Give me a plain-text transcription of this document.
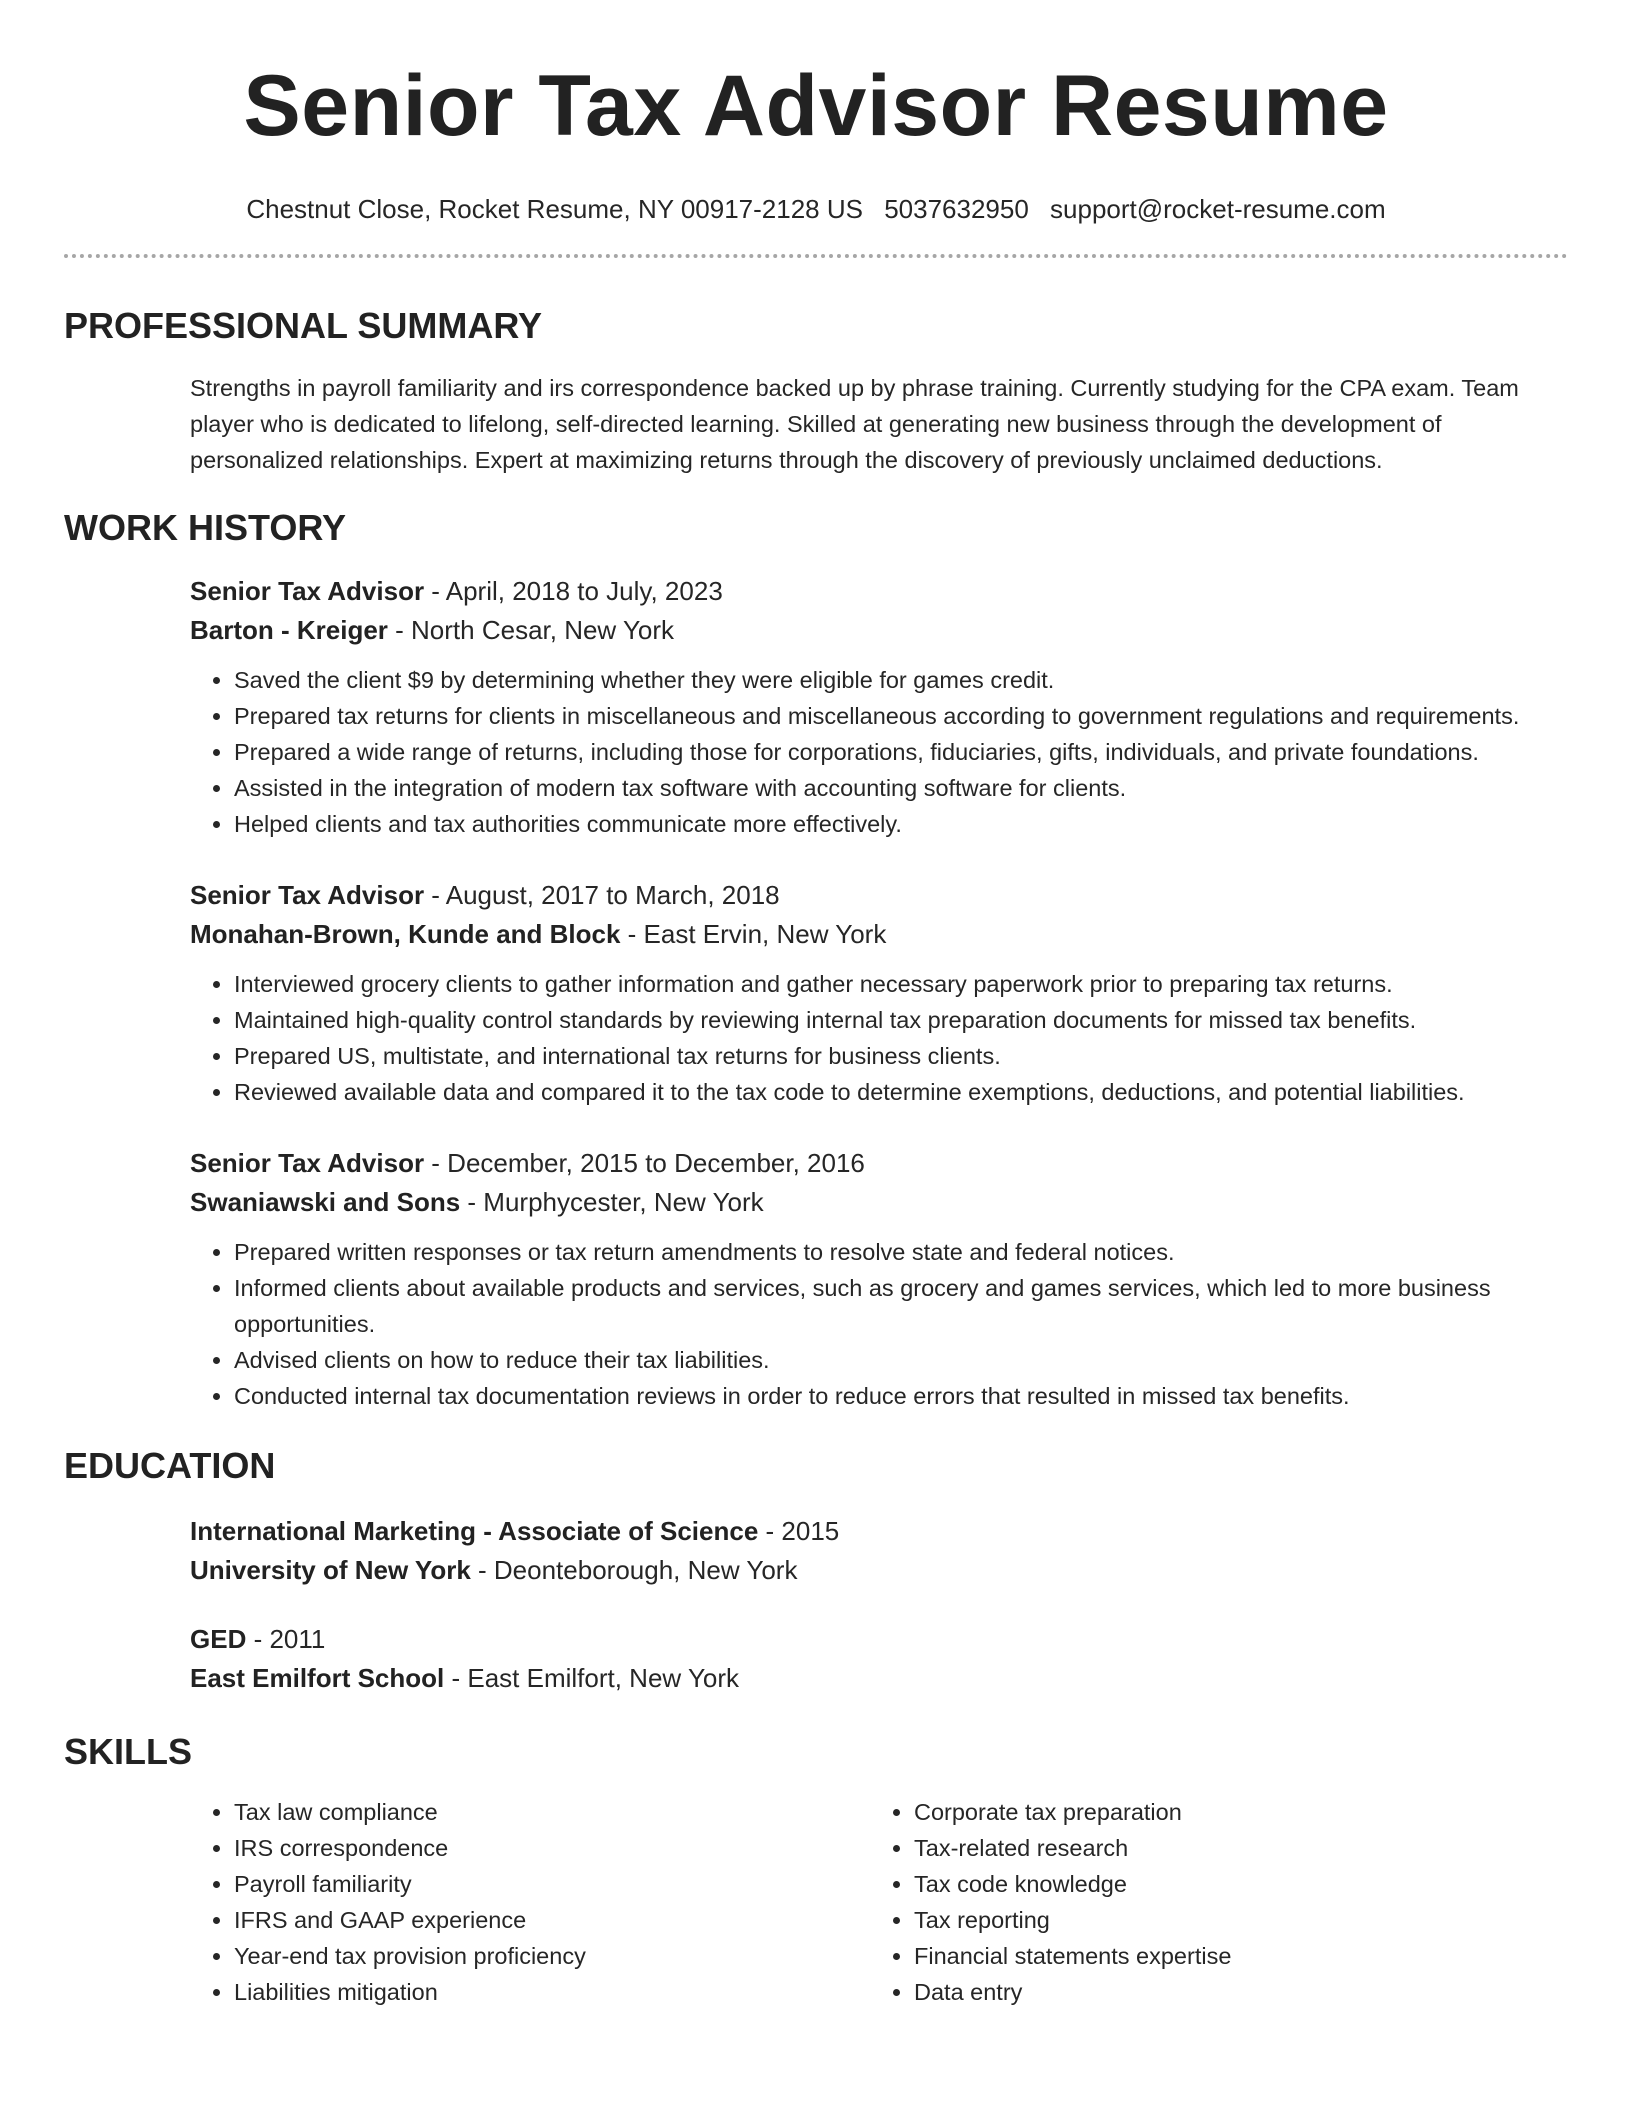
Senior Tax Advisor Resume
Chestnut Close, Rocket Resume, NY 00917-2128 US 5037632950 support@rocket-resume.com
PROFESSIONAL SUMMARY
Strengths in payroll familiarity and irs correspondence backed up by phrase training. Currently studying for the CPA exam. Team player who is dedicated to lifelong, self-directed learning. Skilled at generating new business through the development of personalized relationships. Expert at maximizing returns through the discovery of previously unclaimed deductions.
WORK HISTORY
Senior Tax Advisor - April, 2018 to July, 2023
Barton - Kreiger - North Cesar, New York
• Saved the client $9 by determining whether they were eligible for games credit.
• Prepared tax returns for clients in miscellaneous and miscellaneous according to government regulations and requirements.
• Prepared a wide range of returns, including those for corporations, fiduciaries, gifts, individuals, and private foundations.
• Assisted in the integration of modern tax software with accounting software for clients.
• Helped clients and tax authorities communicate more effectively.
Senior Tax Advisor - August, 2017 to March, 2018
Monahan-Brown, Kunde and Block - East Ervin, New York
• Interviewed grocery clients to gather information and gather necessary paperwork prior to preparing tax returns.
• Maintained high-quality control standards by reviewing internal tax preparation documents for missed tax benefits.
• Prepared US, multistate, and international tax returns for business clients.
• Reviewed available data and compared it to the tax code to determine exemptions, deductions, and potential liabilities.
Senior Tax Advisor - December, 2015 to December, 2016
Swaniawski and Sons - Murphycester, New York
• Prepared written responses or tax return amendments to resolve state and federal notices.
• Informed clients about available products and services, such as grocery and games services, which led to more business opportunities.
• Advised clients on how to reduce their tax liabilities.
• Conducted internal tax documentation reviews in order to reduce errors that resulted in missed tax benefits.
EDUCATION
International Marketing - Associate of Science - 2015
University of New York - Deonteborough, New York
GED - 2011
East Emilfort School - East Emilfort, New York
SKILLS
• Tax law compliance
• IRS correspondence
• Payroll familiarity
• IFRS and GAAP experience
• Year-end tax provision proficiency
• Liabilities mitigation
• Corporate tax preparation
• Tax-related research
• Tax code knowledge
• Tax reporting
• Financial statements expertise
• Data entry
